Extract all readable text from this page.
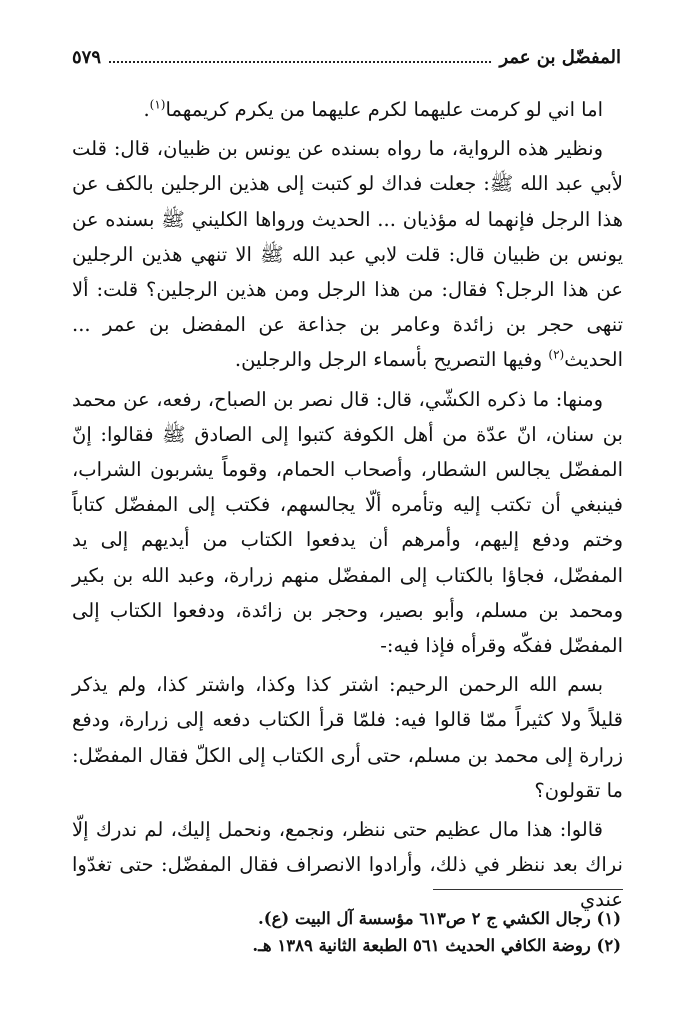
المفضّل بن عمر
٥٧٩

اما اني لو كرمت عليهما لكرم عليهما من يكرم كريمهما$^{(١)}$.

ونظير هذه الرواية، ما رواه بسنده عن يونس بن ظبيان، قال: قلت لأبي عبد الله ﷺ: جعلت فداك لو كتبت إلى هذين الرجلين بالكف عن هذا الرجل فإنهما له مؤذيان ... الحديث ورواها الكليني ﷺ بسنده عن يونس بن ظبيان قال: قلت لابي عبد الله ﷺ الا تنهي هذين الرجلين عن هذا الرجل؟ فقال: من هذا الرجل ومن هذين الرجلين؟ قلت: ألا تنهى حجر بن زائدة وعامر بن جذاعة عن المفضل بن عمر ... الحديث$^{(٢)}$ وفيها التصريح بأسماء الرجل والرجلين.

ومنها: ما ذكره الكشّي، قال: قال نصر بن الصباح، رفعه، عن محمد بن سنان، انّ عدّة من أهل الكوفة كتبوا إلى الصادق ﷺ فقالوا: إنّ المفضّل يجالس الشطار، وأصحاب الحمام، وقوماً يشربون الشراب، فينبغي أن تكتب إليه وتأمره ألّا يجالسهم، فكتب إلى المفضّل كتاباً وختم ودفع إليهم، وأمرهم أن يدفعوا الكتاب من أيديهم إلى يد المفضّل، فجاؤا بالكتاب إلى المفضّل منهم زرارة، وعبد الله بن بكير ومحمد بن مسلم، وأبو بصير، وحجر بن زائدة، ودفعوا الكتاب إلى المفضّل ففكّه وقرأه فإذا فيه:-

بسم الله الرحمن الرحيم: اشتر كذا وكذا، واشتر كذا، ولم يذكر قليلاً ولا كثيراً ممّا قالوا فيه: فلمّا قرأ الكتاب دفعه إلى زرارة، ودفع زرارة إلى محمد بن مسلم، حتى أرى الكتاب إلى الكلّ فقال المفضّل: ما تقولون؟

قالوا: هذا مال عظيم حتى ننظر، ونجمع، ونحمل إليك، لم ندرك إلّا نراك بعد ننظر في ذلك، وأرادوا الانصراف فقال المفضّل: حتى تغدّوا عندي

(١) رجال الكشي ج ٢ ص٦١٣ مؤسسة آل البيت (ع).
(٢) روضة الكافي الحديث ٥٦١ الطبعة الثانية ١٣٨٩ هـ.
